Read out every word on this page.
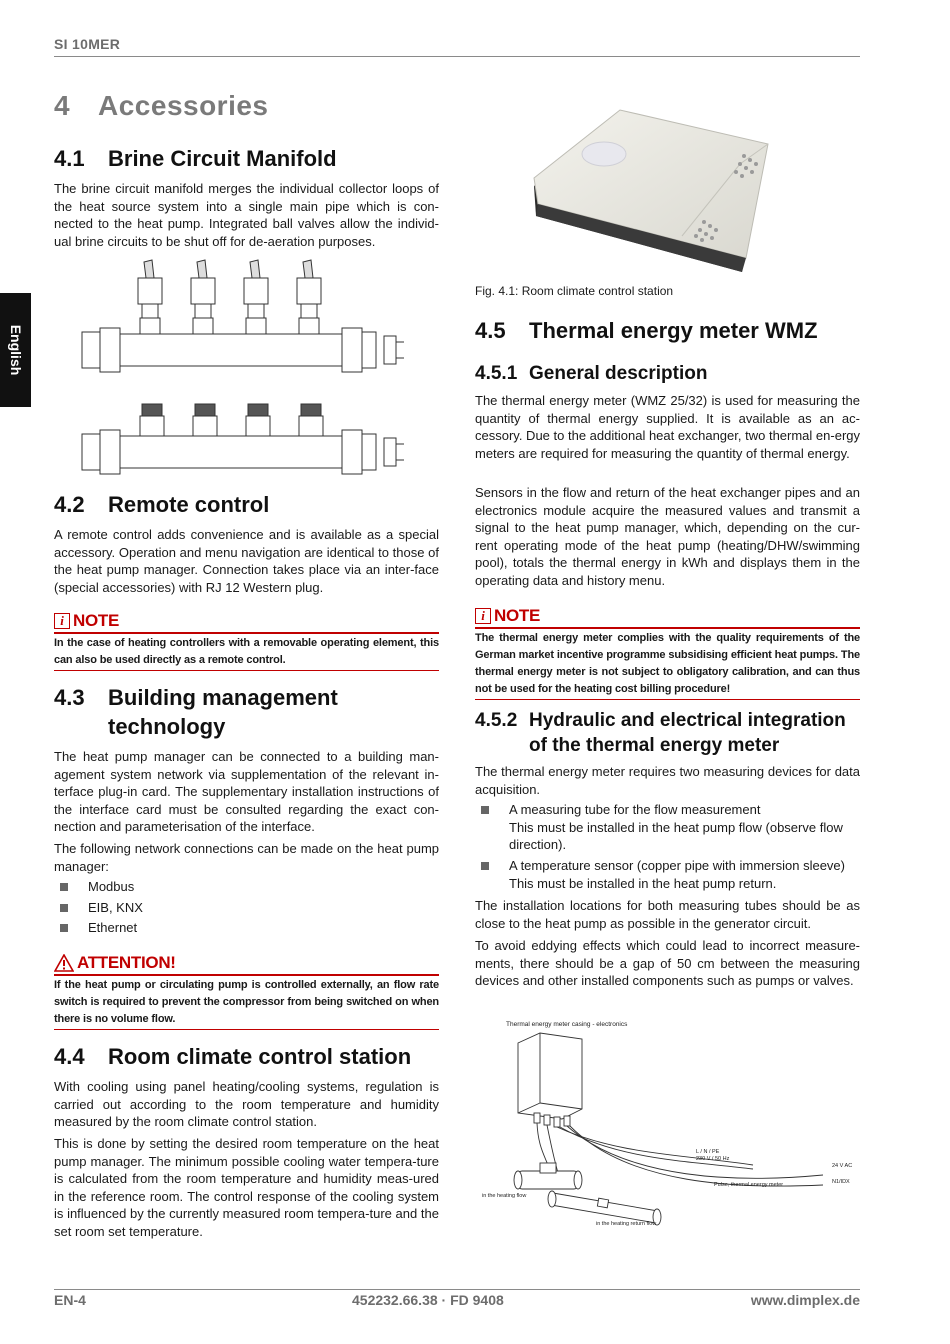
SI 10MER
English
4 Accessories
4.1 Brine Circuit Manifold

The brine circuit manifold merges the individual collector loops of the heat source system into a single main pipe which is con-nected to the heat pump. Integrated ball valves allow the individ-ual brine circuits to be shut off for de-aeration purposes.

4.2 Remote control

A remote control adds convenience and is available as a special accessory. Operation and menu navigation are identical to those of the heat pump manager. Connection takes place via an inter-face (special accessories) with RJ 12 Western plug.

i NOTE
In the case of heating controllers with a removable operating element, this can also be used directly as a remote control.
4.3 Building management
technology

The heat pump manager can be connected to a building man-agement system network via supplementation of the relevant in-terface plug-in card. The supplementary installation instructions of the interface card must be consulted regarding the exact con-nection and parameterisation of the interface.

The following network connections can be made on the heat pump manager:

Modbus
EIB, KNX
Ethernet
ATTENTION!
If the heat pump or circulating pump is controlled externally, an flow rate switch is required to prevent the compressor from being switched on when there is no volume flow.
4.4 Room climate control station

With cooling using panel heating/cooling systems, regulation is carried out according to the room temperature and humidity measured by the room climate control station.

This is done by setting the desired room temperature on the heat pump manager. The minimum possible cooling water tempera-ture is calculated from the room temperature and humidity meas-ured in the reference room. The control response of the cooling system is influenced by the currently measured room tempera-ture and the set room set temperature.

Fig. 4.1: Room climate control station
4.5 Thermal energy meter WMZ
4.5.1 General description

The thermal energy meter (WMZ 25/32) is used for measuring the quantity of thermal energy supplied. It is available as an ac-cessory. Due to the additional heat exchanger, two thermal en-ergy meters are required for measuring the quantity of thermal energy.

Sensors in the flow and return of the heat exchanger pipes and an electronics module acquire the measured values and transmit a signal to the heat pump manager, which, depending on the cur-rent operating mode of the heat pump (heating/DHW/swimming pool), totals the thermal energy in kWh and displays them in the operating data and history menu.

i NOTE
The thermal energy meter complies with the quality requirements of the German market incentive programme subsidising efficient heat pumps. The thermal energy meter is not subject to obligatory calibration, and can thus not be used for the heating cost billing procedure!
4.5.2 Hydraulic and electrical integration
of the thermal energy meter

The thermal energy meter requires two measuring devices for data acquisition.

A measuring tube for the flow measurement
This must be installed in the heat pump flow (observe flow direction).
A temperature sensor (copper pipe with immersion sleeve)
This must be installed in the heat pump return.

The installation locations for both measuring tubes should be as close to the heat pump as possible in the generator circuit.

To avoid eddying effects which could lead to incorrect measure-ments, there should be a gap of 50 cm between the measuring devices and other installed components such as pumps or valves.

Thermal energy meter casing - electronics
L / N / PE
230 V / 50 Hz
24 V AC
N1/IDX
Pulse, thermal energy meter
in the heating flow
in the heating return flow
EN-4	452232.66.38 · FD 9408	www.dimplex.de
